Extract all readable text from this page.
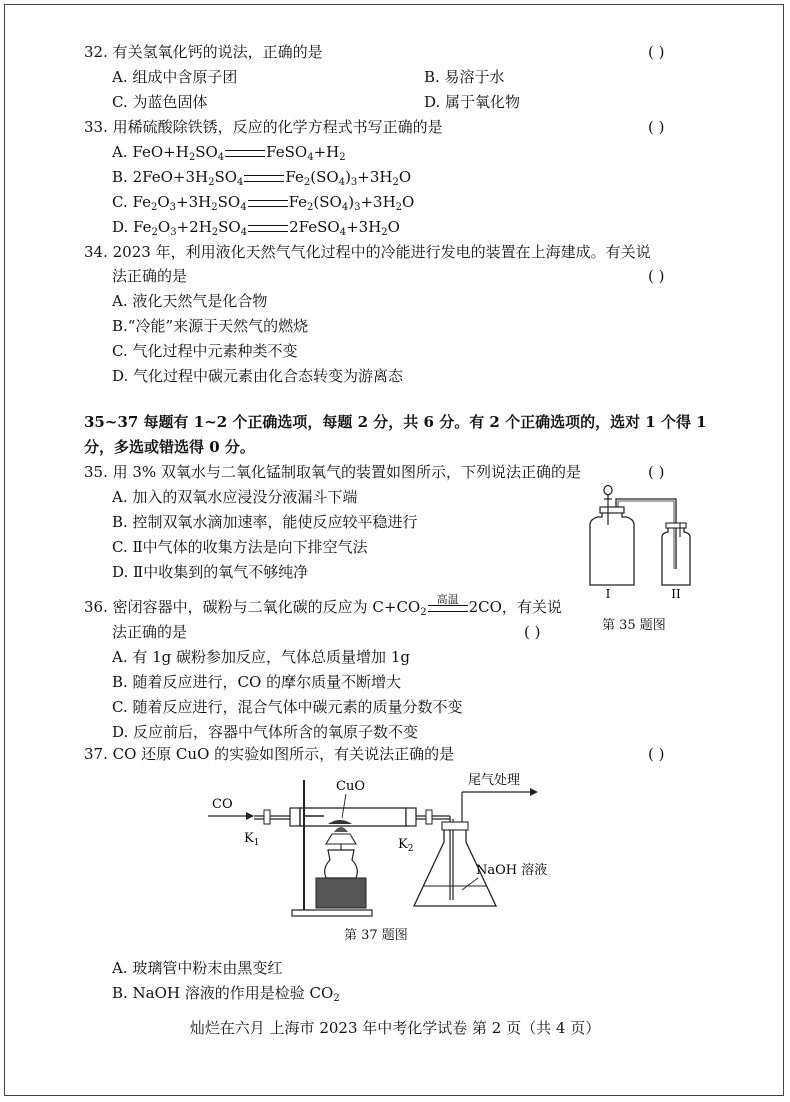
32. 有关氢氧化钙的说法，正确的是	( )
A. 组成中含原子团	B. 易溶于水
C. 为蓝色固体	D. 属于氧化物
33. 用稀硫酸除铁锈，反应的化学方程式书写正确的是	( )
A. $FeO+H_2SO_4$	$FeSO_4+H_2$
B. $2FeO+3H_2SO_4$	$Fe_2(SO_4)_3+3H_2O$
C. $Fe_2O_3+3H_2SO_4$	$Fe_2(SO_4)_3+3H_2O$
D. $Fe_2O_3+2H_2SO_4$	$2FeSO_4+3H_2O$
34. 2023 年，利用液化天然气气化过程中的冷能进行发电的装置在上海建成。有关说
法正确的是	( )
A. 液化天然气是化合物
B.“冷能”来源于天然气的燃烧
C. 气化过程中元素种类不变
D. 气化过程中碳元素由化合态转变为游离态
35~37 每题有 1~2 个正确选项，每题 2 分，共 6 分。有 2 个正确选项的，选对 1 个得 1
分，多选或错选得 0 分。
35. 用 3% 双氧水与二氧化锰制取氧气的装置如图所示，下列说法正确的是	( )
A. 加入的双氧水应浸没分液漏斗下端
B. 控制双氧水滴加速率，能使反应较平稳进行
C. Ⅱ中气体的收集方法是向下排空气法
D. Ⅱ中收集到的氧气不够纯净
I	II
第 35 题图
36. 密闭容器中，碳粉与二氧化碳的反应为 $C+CO_2$
高温 2CO，有关说
法正确的是	( )
A. 有 1g 碳粉参加反应，气体总质量增加 1g
B. 随着反应进行，CO 的摩尔质量不断增大
C. 随着反应进行，混合气体中碳元素的质量分数不变
D. 反应前后，容器中气体所含的氧原子数不变
37. CO 还原 CuO 的实验如图所示，有关说法正确的是	( )
CO
$K_1$
CuO
$K_2$
尾气处理
NaOH 溶液
第 37 题图
A. 玻璃管中粉末由黑变红
B. NaOH 溶液的作用是检验 $CO_2$
灿烂在六月 上海市 2023 年中考化学试卷 第 2 页（共 4 页）
